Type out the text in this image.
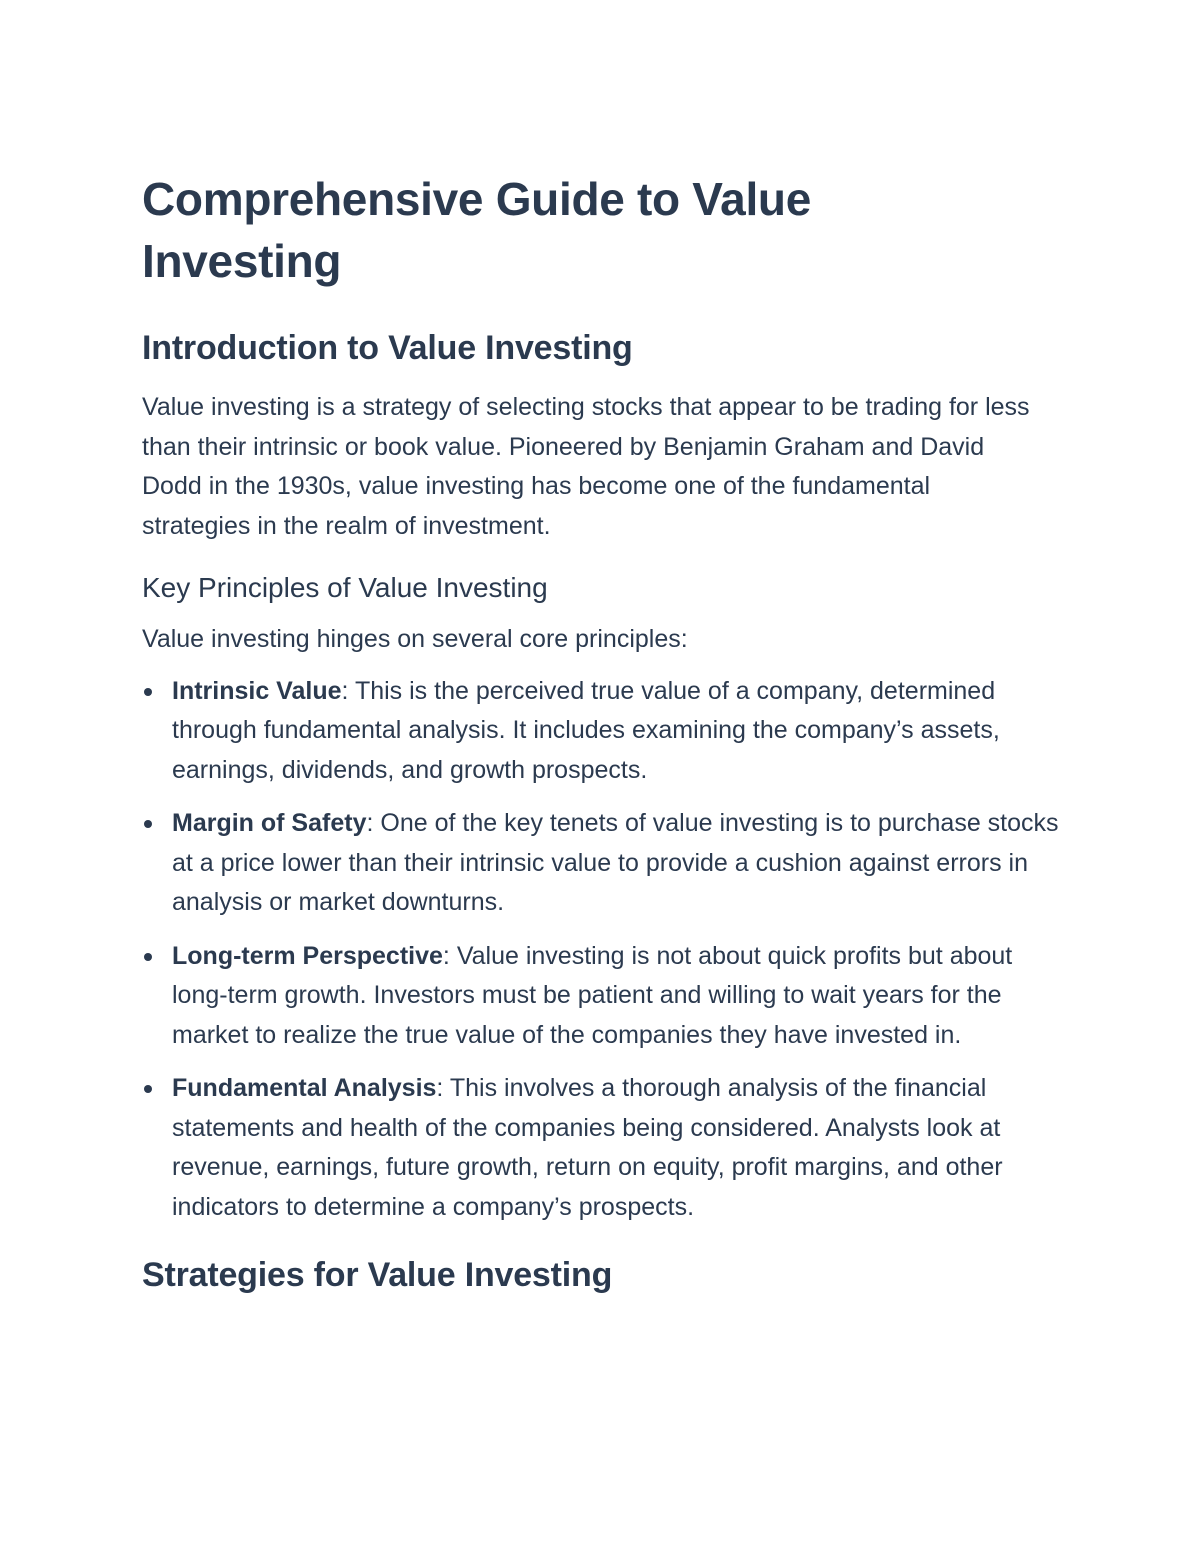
Comprehensive Guide to Value Investing
Introduction to Value Investing

Value investing is a strategy of selecting stocks that appear to be trading for less than their intrinsic or book value. Pioneered by Benjamin Graham and David Dodd in the 1930s, value investing has become one of the fundamental strategies in the realm of investment.

Key Principles of Value Investing

Value investing hinges on several core principles:

Intrinsic Value: This is the perceived true value of a company, determined through fundamental analysis. It includes examining the company’s assets, earnings, dividends, and growth prospects.
Margin of Safety: One of the key tenets of value investing is to purchase stocks at a price lower than their intrinsic value to provide a cushion against errors in analysis or market downturns.
Long-term Perspective: Value investing is not about quick profits but about long-term growth. Investors must be patient and willing to wait years for the market to realize the true value of the companies they have invested in.
Fundamental Analysis: This involves a thorough analysis of the financial statements and health of the companies being considered. Analysts look at revenue, earnings, future growth, return on equity, profit margins, and other indicators to determine a company’s prospects.
Strategies for Value Investing
